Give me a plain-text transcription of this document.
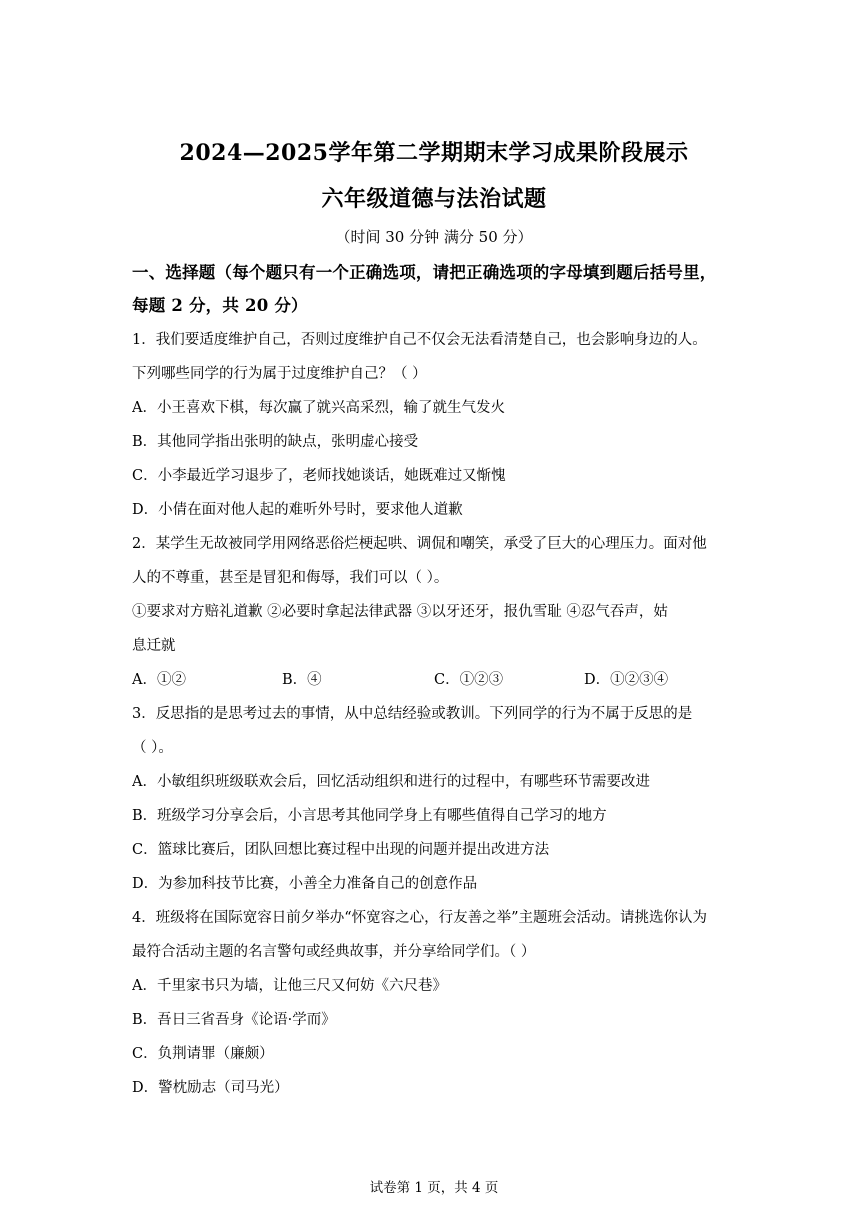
2024—2025学年第二学期期末学习成果阶段展示
六年级道德与法治试题
（时间 30 分钟 满分 50 分）
一、选择题（每个题只有一个正确选项，请把正确选项的字母填到题后括号里，
每题 2 分，共 20 分）
1．我们要适度维护自己，否则过度维护自己不仅会无法看清楚自己，也会影响身边的人。
下列哪些同学的行为属于过度维护自己？（ ）
A．小王喜欢下棋，每次赢了就兴高采烈，输了就生气发火
B．其他同学指出张明的缺点，张明虚心接受
C．小李最近学习退步了，老师找她谈话，她既难过又惭愧
D．小倩在面对他人起的难听外号时，要求他人道歉
2．某学生无故被同学用网络恶俗烂梗起哄、调侃和嘲笑，承受了巨大的心理压力。面对他
人的不尊重，甚至是冒犯和侮辱，我们可以（ ）。
①要求对方赔礼道歉 ②必要时拿起法律武器 ③以牙还牙，报仇雪耻 ④忍气吞声，姑
息迁就
A．①②	B．④	C．①②③	D．①②③④
3．反思指的是思考过去的事情，从中总结经验或教训。下列同学的行为不属于反思的是
（ ）。
A．小敏组织班级联欢会后，回忆活动组织和进行的过程中，有哪些环节需要改进
B．班级学习分享会后，小言思考其他同学身上有哪些值得自己学习的地方
C．篮球比赛后，团队回想比赛过程中出现的问题并提出改进方法
D．为参加科技节比赛，小善全力准备自己的创意作品
4．班级将在国际宽容日前夕举办“怀宽容之心，行友善之举”主题班会活动。请挑选你认为
最符合活动主题的名言警句或经典故事，并分享给同学们。（ ）
A．千里家书只为墙，让他三尺又何妨《六尺巷》
B．吾日三省吾身《论语·学而》
C．负荆请罪（廉颇）
D．警枕励志（司马光）
试卷第 1 页，共 4 页
